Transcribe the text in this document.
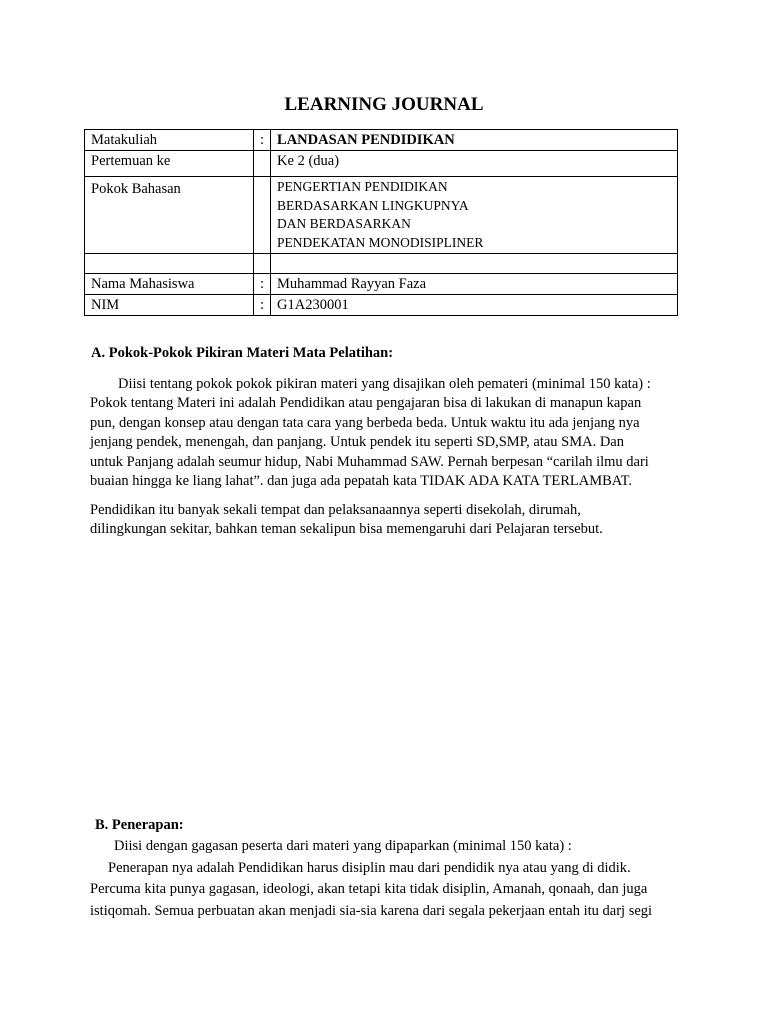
LEARNING JOURNAL
Matakuliah	:	LANDASAN PENDIDIKAN
Pertemuan ke		Ke 2 (dua)
Pokok Bahasan		PENGERTIAN PENDIDIKAN
BERDASARKAN LINGKUPNYA
DAN BERDASARKAN
PENDEKATAN MONODISIPLINER

Nama Mahasiswa	:	Muhammad Rayyan Faza
NIM	:	G1A230001
A. Pokok-Pokok Pikiran Materi Mata Pelatihan:
Diisi tentang pokok pokok pikiran materi yang disajikan oleh pemateri (minimal 150 kata) :
Pokok tentang Materi ini adalah Pendidikan atau pengajaran bisa di lakukan di manapun kapan
pun, dengan konsep atau dengan tata cara yang berbeda beda. Untuk waktu itu ada jenjang nya
jenjang pendek, menengah, dan panjang. Untuk pendek itu seperti SD,SMP, atau SMA. Dan
untuk Panjang adalah seumur hidup, Nabi Muhammad SAW. Pernah berpesan “carilah ilmu dari
buaian hingga ke liang lahat”. dan juga ada pepatah kata TIDAK ADA KATA TERLAMBAT.
Pendidikan itu banyak sekali tempat dan pelaksanaannya seperti disekolah, dirumah,
dilingkungan sekitar, bahkan teman sekalipun bisa memengaruhi dari Pelajaran tersebut.
B. Penerapan:
Diisi dengan gagasan peserta dari materi yang dipaparkan (minimal 150 kata) :
Penerapan nya adalah Pendidikan harus disiplin mau dari pendidik nya atau yang di didik.
Percuma kita punya gagasan, ideologi, akan tetapi kita tidak disiplin, Amanah, qonaah, dan juga
istiqomah. Semua perbuatan akan menjadi sia-sia karena dari segala pekerjaan entah itu darj segi
